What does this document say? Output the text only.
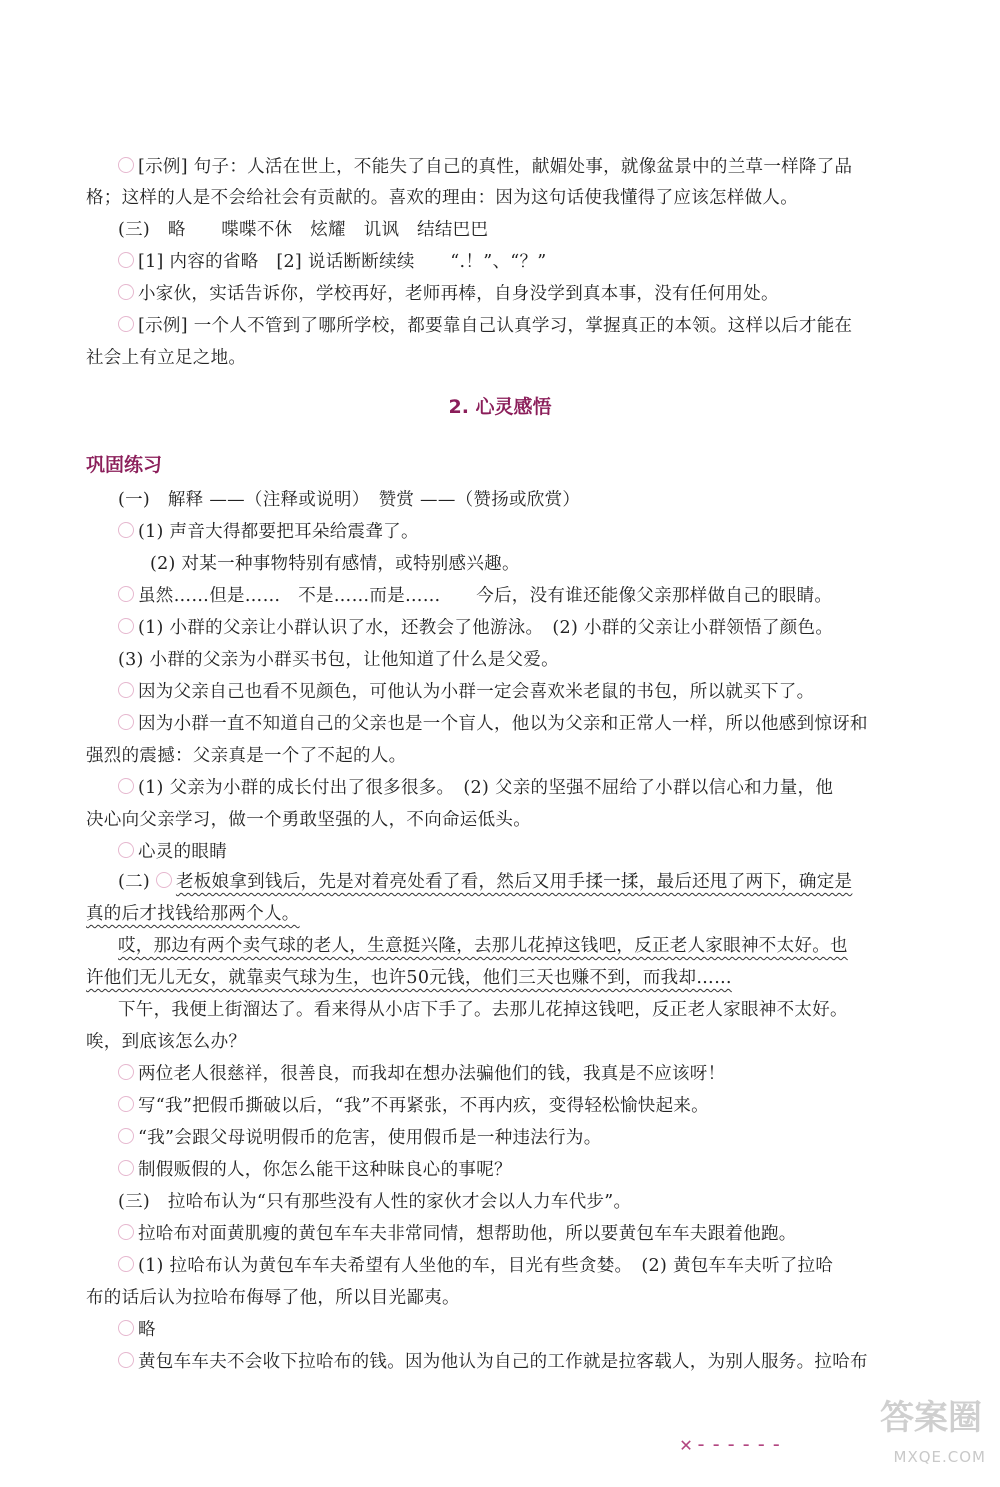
[示例] 句子：人活在世上，不能失了自己的真性，献媚处事，就像盆景中的兰草一样降了品
格；这样的人是不会给社会有贡献的。喜欢的理由：因为这句话使我懂得了应该怎样做人。
(三)　略　　喋喋不休　炫耀　讥讽　结结巴巴
[1] 内容的省略　[2] 说话断断续续　　“.！”、“？”
小家伙，实话告诉你，学校再好，老师再棒，自身没学到真本事，没有任何用处。
[示例] 一个人不管到了哪所学校，都要靠自己认真学习，掌握真正的本领。这样以后才能在
社会上有立足之地。
2. 心灵感悟
巩固练习
(一)　解释 ——（注释或说明）　赞赏 ——（赞扬或欣赏）
(1) 声音大得都要把耳朵给震聋了。
(2) 对某一种事物特别有感情，或特别感兴趣。
虽然……但是……　不是……而是……　　今后，没有谁还能像父亲那样做自己的眼睛。
(1) 小群的父亲让小群认识了水，还教会了他游泳。　(2) 小群的父亲让小群领悟了颜色。
(3) 小群的父亲为小群买书包，让他知道了什么是父爱。
因为父亲自己也看不见颜色，可他认为小群一定会喜欢米老鼠的书包，所以就买下了。
因为小群一直不知道自己的父亲也是一个盲人，他以为父亲和正常人一样，所以他感到惊讶和
强烈的震撼：父亲真是一个了不起的人。
(1) 父亲为小群的成长付出了很多很多。　(2) 父亲的坚强不屈给了小群以信心和力量，他
决心向父亲学习，做一个勇敢坚强的人，不向命运低头。
心灵的眼睛
(二) 老板娘拿到钱后，先是对着亮处看了看，然后又用手揉一揉，最后还甩了两下，确定是
真的后才找钱给那两个人。
哎，那边有两个卖气球的老人，生意挺兴隆，去那儿花掉这钱吧，反正老人家眼神不太好。也
许他们无儿无女，就靠卖气球为生，也许50元钱，他们三天也赚不到，而我却……
下午，我便上街溜达了。看来得从小店下手了。去那儿花掉这钱吧，反正老人家眼神不太好。
唉，到底该怎么办？
两位老人很慈祥，很善良，而我却在想办法骗他们的钱，我真是不应该呀！
写“我”把假币撕破以后，“我”不再紧张，不再内疚，变得轻松愉快起来。
“我”会跟父母说明假币的危害，使用假币是一种违法行为。
制假贩假的人，你怎么能干这种昧良心的事呢？
(三)　拉哈布认为“只有那些没有人性的家伙才会以人力车代步”。
拉哈布对面黄肌瘦的黄包车车夫非常同情，想帮助他，所以要黄包车车夫跟着他跑。
(1) 拉哈布认为黄包车车夫希望有人坐他的车，目光有些贪婪。　(2) 黄包车车夫听了拉哈
布的话后认为拉哈布侮辱了他，所以目光鄙夷。
略
黄包车车夫不会收下拉哈布的钱。因为他认为自己的工作就是拉客载人，为别人服务。拉哈布
✕------
答案圈
MXQE.COM
